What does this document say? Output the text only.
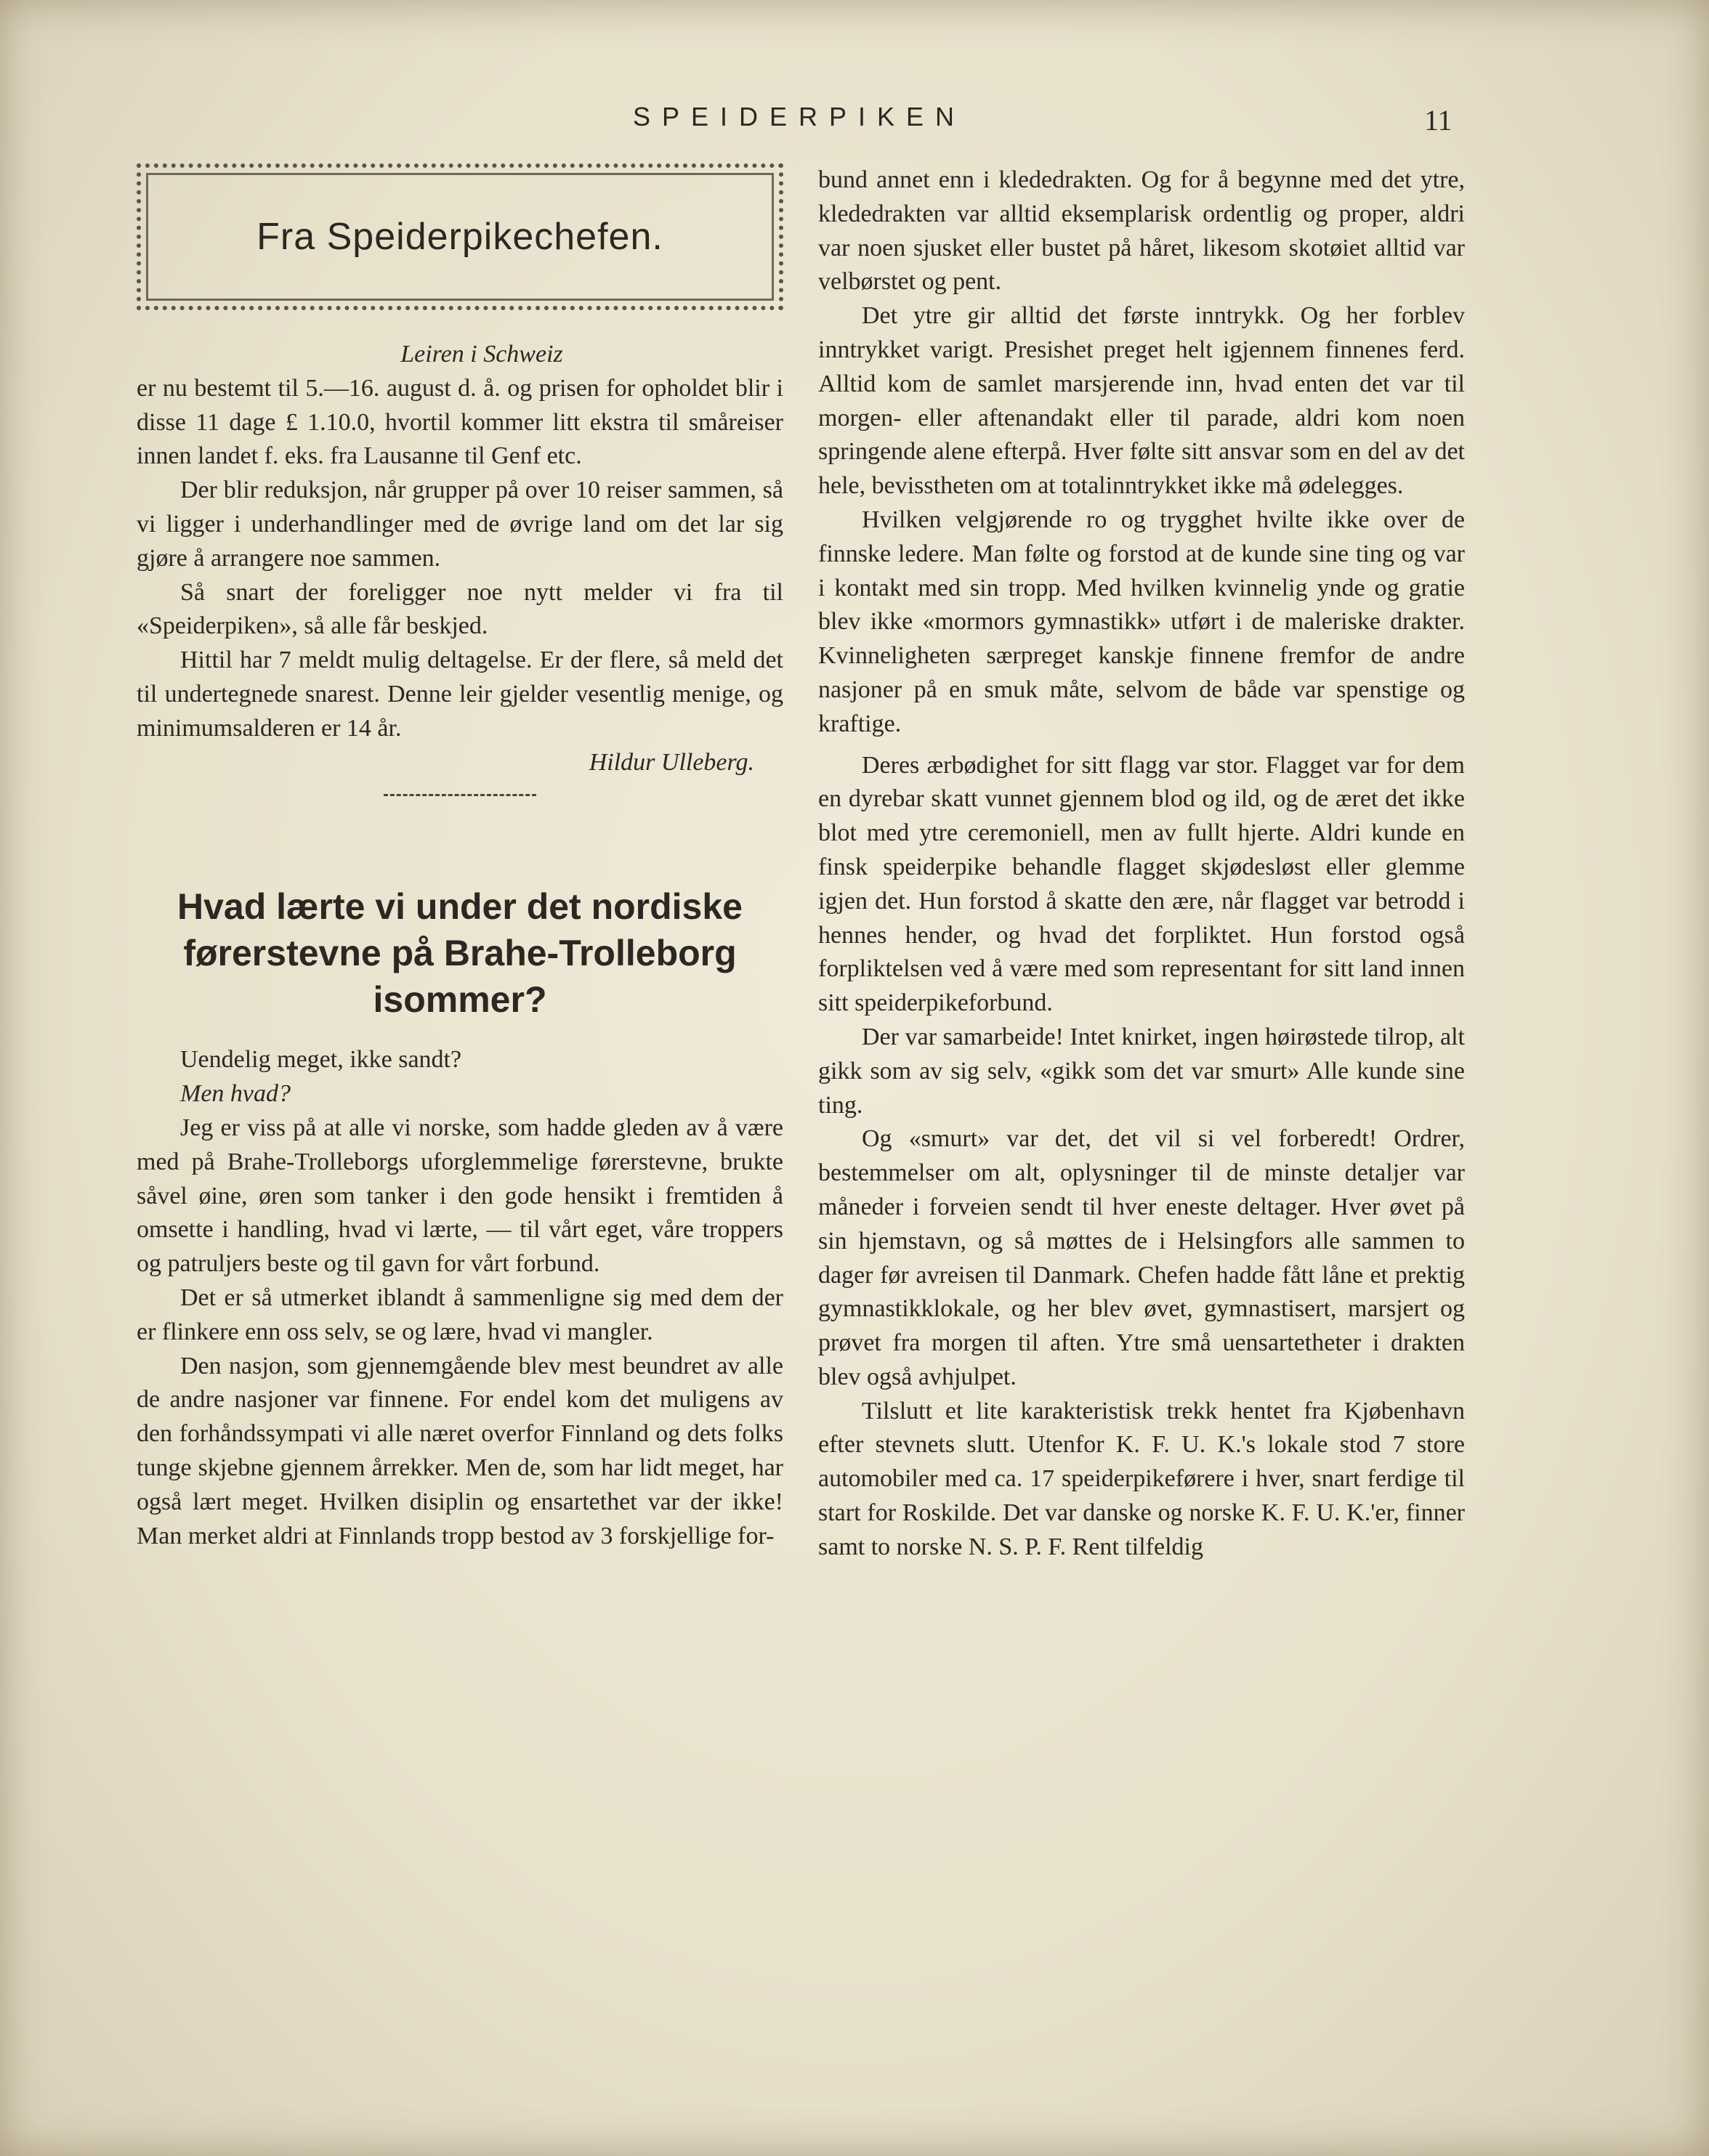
SPEIDERPIKEN	11
Fra Speiderpikechefen.

Leiren i Schweiz

er nu bestemt til 5.—16. august d. å. og prisen for opholdet blir i disse 11 dage £ 1.10.0, hvortil kommer litt ekstra til småreiser innen landet f. eks. fra Lausanne til Genf etc.

Der blir reduksjon, når grupper på over 10 reiser sammen, så vi ligger i underhandlinger med de øvrige land om det lar sig gjøre å arrangere noe sammen.

Så snart der foreligger noe nytt melder vi fra til «Speiderpiken», så alle får beskjed.

Hittil har 7 meldt mulig deltagelse. Er der flere, så meld det til undertegnede snarest. Denne leir gjelder vesentlig menige, og minimumsalderen er 14 år.

Hildur Ulleberg.

Hvad lærte vi under det nordiske førerstevne på Brahe-Trolleborg isommer?

Uendelig meget, ikke sandt?

Men hvad?

Jeg er viss på at alle vi norske, som hadde gleden av å være med på Brahe-Trolleborgs uforglemmelige førerstevne, brukte såvel øine, øren som tanker i den gode hensikt i fremtiden å omsette i handling, hvad vi lærte, — til vårt eget, våre troppers og patruljers beste og til gavn for vårt forbund.

Det er så utmerket iblandt å sammenligne sig med dem der er flinkere enn oss selv, se og lære, hvad vi mangler.

Den nasjon, som gjennemgående blev mest beundret av alle de andre nasjoner var finnene. For endel kom det muligens av den forhåndssympati vi alle næret overfor Finnland og dets folks tunge skjebne gjennem årrekker. Men de, som har lidt meget, har også lært meget. Hvilken disiplin og ensartethet var der ikke! Man merket aldri at Finnlands tropp bestod av 3 forskjellige for-

bund annet enn i klededrakten. Og for å begynne med det ytre, klededrakten var alltid eksemplarisk ordentlig og proper, aldri var noen sjusket eller bustet på håret, likesom skotøiet alltid var velbørstet og pent.

Det ytre gir alltid det første inntrykk. Og her forblev inntrykket varigt. Presishet preget helt igjennem finnenes ferd. Alltid kom de samlet marsjerende inn, hvad enten det var til morgen- eller aftenandakt eller til parade, aldri kom noen springende alene efterpå. Hver følte sitt ansvar som en del av det hele, bevisstheten om at totalinntrykket ikke må ødelegges.

Hvilken velgjørende ro og trygghet hvilte ikke over de finnske ledere. Man følte og forstod at de kunde sine ting og var i kontakt med sin tropp. Med hvilken kvinnelig ynde og gratie blev ikke «mormors gymnastikk» utført i de maleriske drakter. Kvinneligheten særpreget kanskje finnene fremfor de andre nasjoner på en smuk måte, selvom de både var spenstige og kraftige.

Deres ærbødighet for sitt flagg var stor. Flagget var for dem en dyrebar skatt vunnet gjennem blod og ild, og de æret det ikke blot med ytre ceremoniell, men av fullt hjerte. Aldri kunde en finsk speiderpike behandle flagget skjødesløst eller glemme igjen det. Hun forstod å skatte den ære, når flagget var betrodd i hennes hender, og hvad det forpliktet. Hun forstod også forpliktelsen ved å være med som representant for sitt land innen sitt speiderpikeforbund.

Der var samarbeide! Intet knirket, ingen høirøstede tilrop, alt gikk som av sig selv, «gikk som det var smurt» Alle kunde sine ting.

Og «smurt» var det, det vil si vel forberedt! Ordrer, bestemmelser om alt, oplysninger til de minste detaljer var måneder i forveien sendt til hver eneste deltager. Hver øvet på sin hjemstavn, og så møttes de i Helsingfors alle sammen to dager før avreisen til Danmark. Chefen hadde fått låne et prektig gymnastikklokale, og her blev øvet, gymnastisert, marsjert og prøvet fra morgen til aften. Ytre små uensartetheter i drakten blev også avhjulpet.

Tilslutt et lite karakteristisk trekk hentet fra Kjøbenhavn efter stevnets slutt. Utenfor K. F. U. K.'s lokale stod 7 store automobiler med ca. 17 speiderpikeførere i hver, snart ferdige til start for Roskilde. Det var danske og norske K. F. U. K.'er, finner samt to norske N. S. P. F. Rent tilfeldig
